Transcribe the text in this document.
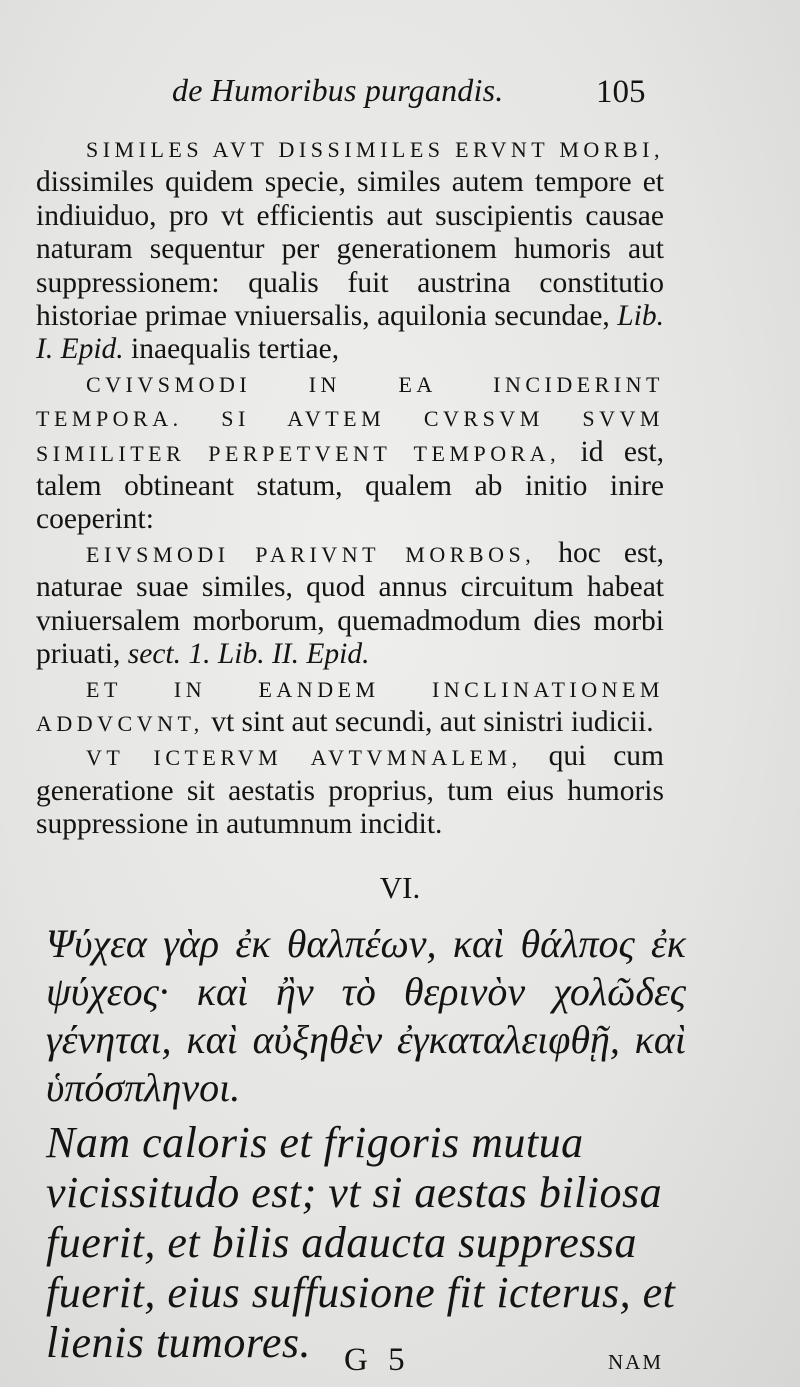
de Humoribus purgandis.	105

SIMILES AVT DISSIMILES ERVNT MORBI, dissimiles quidem specie, similes autem tempore et indiuiduo, pro vt efficientis aut suscipientis causae naturam sequentur per generationem humoris aut suppressionem: qualis fuit austrina constitutio historiae primae vniuersalis, aquilonia secundae, Lib. I. Epid. inaequalis tertiae,

CVIVSMODI IN EA INCIDERINT TEMPORA. SI AVTEM CVRSVM SVVM SIMILITER PERPETVENT TEMPORA, id est, talem obtineant statum, qualem ab initio inire coeperint:

EIVSMODI PARIVNT MORBOS, hoc est, naturae suae similes, quod annus circuitum habeat vniuersalem morborum, quemadmodum dies morbi priuati, sect. 1. Lib. II. Epid.

ET IN EANDEM INCLINATIONEM ADDVCVNT, vt sint aut secundi, aut sinistri iudicii.

VT ICTERVM AVTVMNALEM, qui cum generatione sit aestatis proprius, tum eius humoris suppressione in autumnum incidit.

VI.
Ψύχεα γὰρ ἐκ θαλπέων, καὶ θάλπος ἐκ ψύχεος· καὶ ἢν τὸ θερινὸν χολῶδες γένηται, καὶ αὐξηθὲν ἐγκαταλειφθῇ, καὶ ὑπόσπληνοι.
Nam caloris et frigoris mutua vicissitudo est; vt si aestas biliosa fuerit, et bilis adaucta suppressa fuerit, eius suffusione fit icterus, et lienis tumores.	G 5	NAM
